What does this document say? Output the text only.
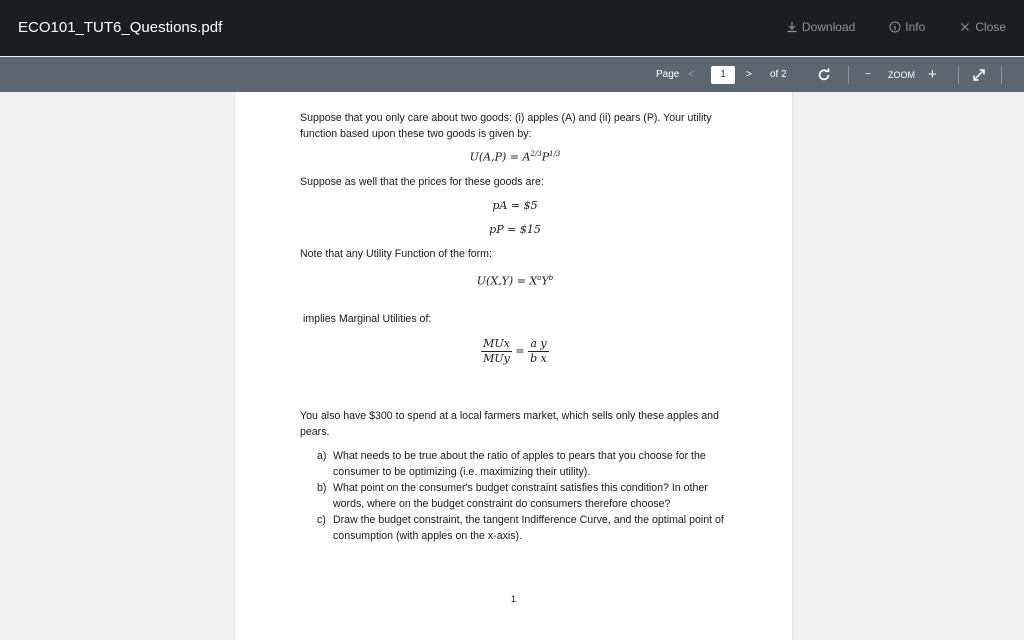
ECO101_TUT6_Questions.pdf	Download	Info	Close
Page <
1	> of 2	− ZOOM +

Suppose that you only care about two goods: (i) apples (A) and (ii) pears (P). Your utility function based upon these two goods is given by:

$U(A,P) = A^{2/3}P^{1/3}$

Suppose as well that the prices for these goods are:

pA = $5
pP = $15

Note that any Utility Function of the form:

$U(X,Y) = X^aY^b$

implies Marginal Utilities of:

$\frac{\text{MUx}}{\text{MUy}} = \frac{\text{a y}}{\text{b x}}$

You also have $300 to spend at a local farmers market, which sells only these apples and pears.

a) What needs to be true about the ratio of apples to pears that you choose for the consumer to be optimizing (i.e. maximizing their utility).
b) What point on the consumer's budget constraint satisfies this condition? In other words, where on the budget constraint do consumers therefore choose?
c) Draw the budget constraint, the tangent Indifference Curve, and the optimal point of consumption (with apples on the x-axis).
1
